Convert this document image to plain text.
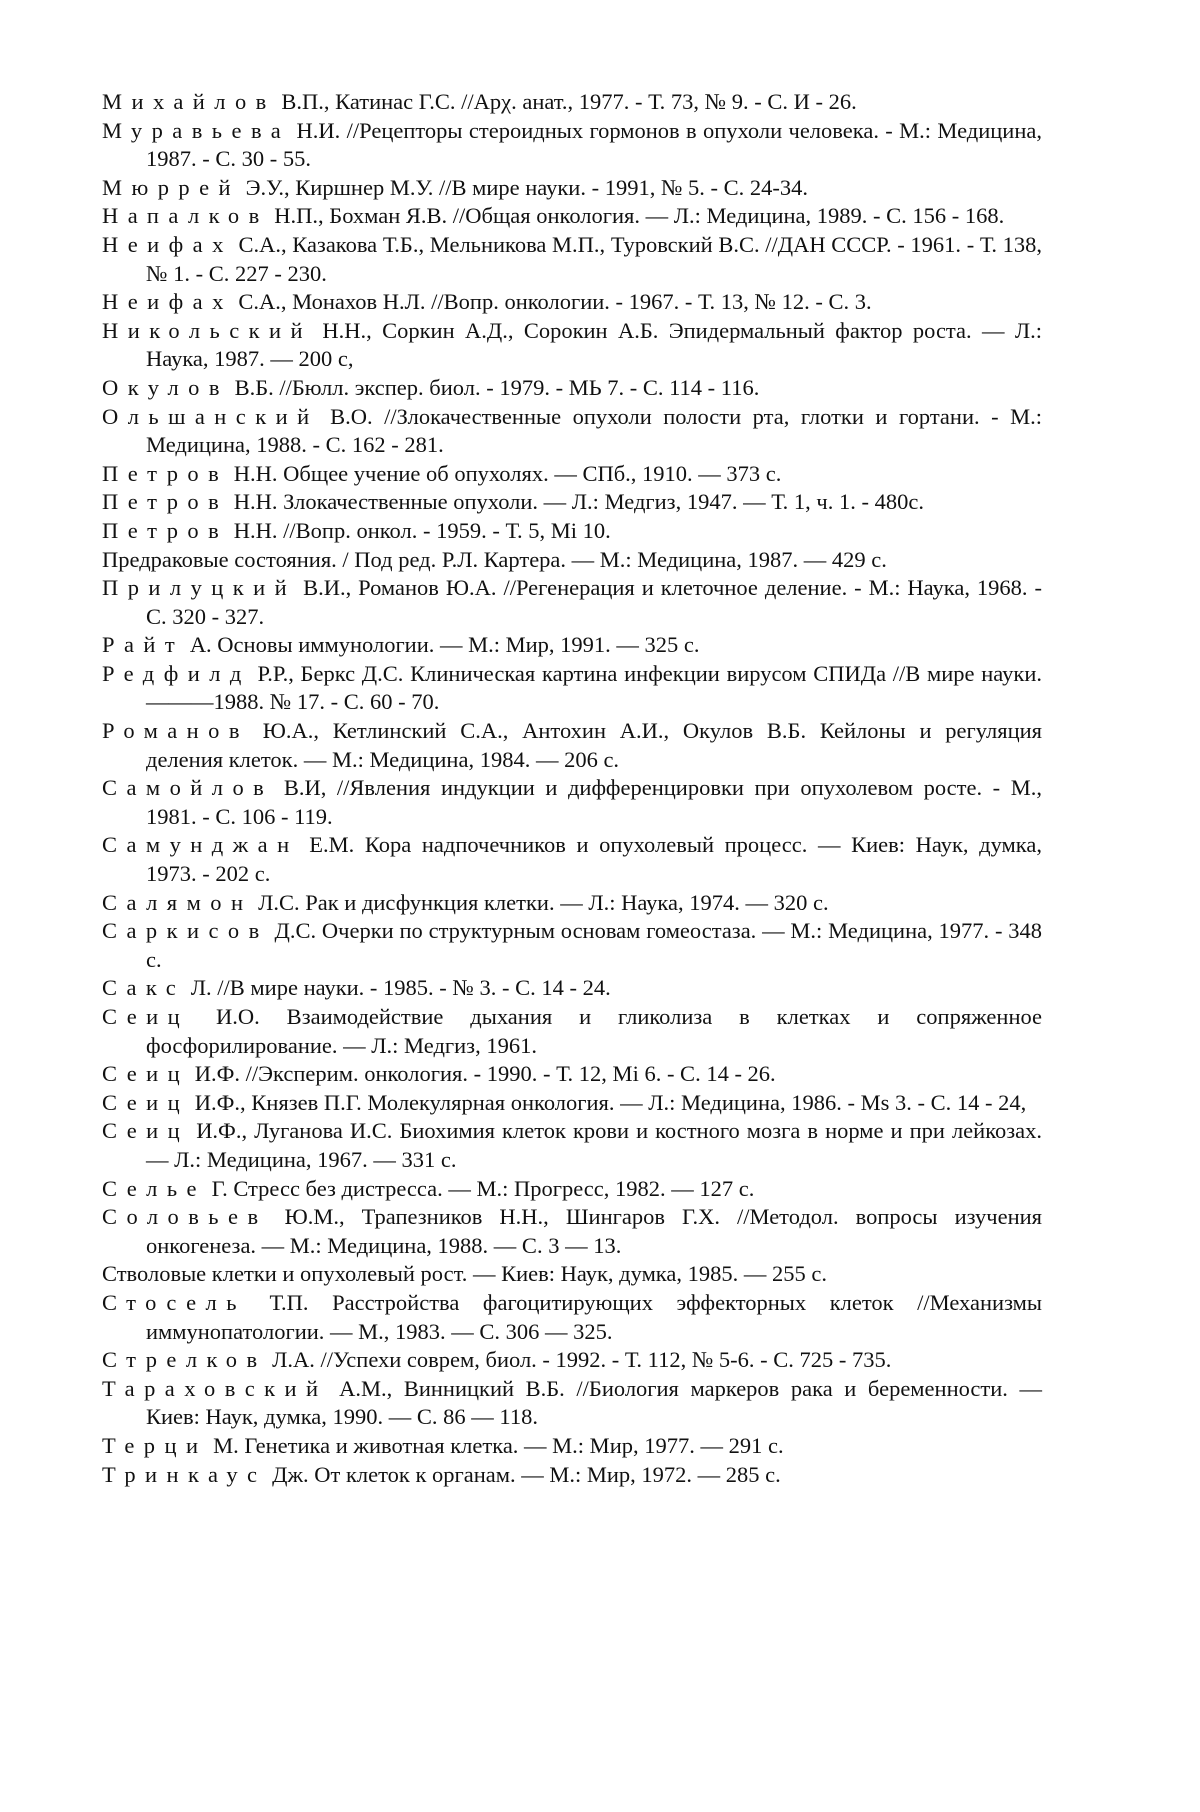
Михайлов В.П., Катинас Г.С. //Арχ. анат., 1977. - Т. 73, № 9. - С. И - 26.
Муравьева Н.И. //Рецепторы стероидных гормонов в опухоли человека. - М.: Медицина, 1987. - С. 30 - 55.
Мюррей Э.У., Киршнер М.У. //В мире науки. - 1991, № 5. - С. 24-34.
Напалков Н.П., Бохман Я.В. //Общая онкология. — Л.: Медицина, 1989. - С. 156 - 168.
Неифах С.А., Казакова Т.Б., Мельникова М.П., Туровский В.С. //ДАН СССР. - 1961. - Т. 138, № 1. - С. 227 - 230.
Неифах С.А., Монахов Н.Л. //Вопр. онкологии. - 1967. - Т. 13, № 12. - С. 3.
Никольский Н.Н., Соркин А.Д., Сорокин А.Б. Эпидермальный фактор роста. — Л.: Наука, 1987. — 200 с,
Окулов В.Б. //Бюлл. экспер. биол. - 1979. - МЬ 7. - С. 114 - 116.
Ольшанский В.О. //Злокачественные опухоли полости рта, глотки и гортани. - М.: Медицина, 1988. - С. 162 - 281.
Петров Н.Н. Общее учение об опухолях. — СПб., 1910. — 373 с.
Петров Н.Н. Злокачественные опухоли. — Л.: Медгиз, 1947. — Т. 1, ч. 1. - 480с.
Петров Н.Н. //Вопр. онкол. - 1959. - Т. 5, Mi 10.
Предраковые состояния. / Под ред. Р.Л. Картера. — М.: Медицина, 1987. — 429 с.
Прилуцкий В.И., Романов Ю.А. //Регенерация и клеточное деление. - М.: Наука, 1968. - С. 320 - 327.
Райт А. Основы иммунологии. — М.: Мир, 1991. — 325 с.
Редфилд Р.Р., Беркс Д.С. Клиническая картина инфекции вирусом СПИДа //В мире науки.———1988. № 17. - С. 60 - 70.
Романов Ю.А., Кетлинский С.А., Антохин А.И., Окулов В.Б. Кейлоны и регуляция деления клеток. — М.: Медицина, 1984. — 206 с.
Самойлов В.И, //Явления индукции и дифференцировки при опухолевом росте. - М., 1981. - С. 106 - 119.
Самунджан Е.М. Кора надпочечников и опухолевый процесс. — Киев: Наук, думка, 1973. - 202 с.
Салямон Л.С. Рак и дисфункция клетки. — Л.: Наука, 1974. — 320 с.
Саркисов Д.С. Очерки по структурным основам гомеостаза. — М.: Медицина, 1977. - 348 с.
Сакс Л. //В мире науки. - 1985. - № 3. - С. 14 - 24.
Сеиц И.О. Взаимодействие дыхания и гликолиза в клетках и сопряженное фосфорилирование. — Л.: Медгиз, 1961.
Сеиц И.Ф. //Эксперим. онкология. - 1990. - Т. 12, Mi 6. - С. 14 - 26.
Сеиц И.Ф., Князев П.Г. Молекулярная онкология. — Л.: Медицина, 1986. - Ms 3. - С. 14 - 24,
Сеиц И.Ф., Луганова И.С. Биохимия клеток крови и костного мозга в норме и при лейкозах. — Л.: Медицина, 1967. — 331 с.
Селье Г. Стресс без дистресса. — М.: Прогресс, 1982. — 127 с.
Соловьев Ю.М., Трапезников Н.Н., Шингаров Г.Х. //Методол. вопросы изучения онкогенеза. — М.: Медицина, 1988. — С. 3 — 13.
Стволовые клетки и опухолевый рост. — Киев: Наук, думка, 1985. — 255 с.
Стосель Т.П. Расстройства фагоцитирующих эффекторных клеток //Механизмы иммунопатологии. — М., 1983. — С. 306 — 325.
Стрелков Л.А. //Успехи соврем, биол. - 1992. - Т. 112, № 5-6. - С. 725 - 735.
Тараховский А.М., Винницкий В.Б. //Биология маркеров рака и беременности. — Киев: Наук, думка, 1990. — С. 86 — 118.
Терци М. Генетика и животная клетка. — М.: Мир, 1977. — 291 с.
Тринкаус Дж. От клеток к органам. — М.: Мир, 1972. — 285 с.
